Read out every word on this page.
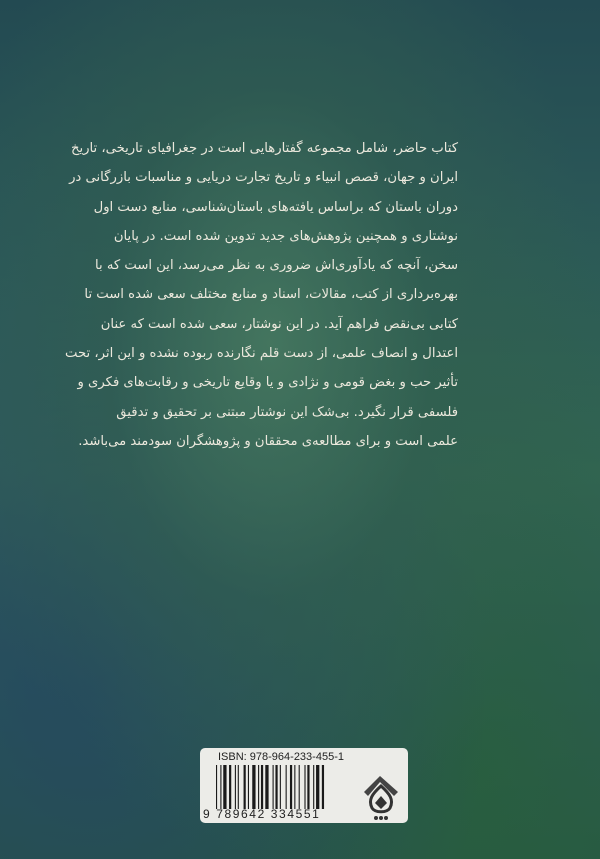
کتاب حاضر، شامل مجموعه گفتارهایی است در جغرافیای تاریخی، تاریخ
ایران و جهان، قصص انبیاء و تاریخ تجارت دریایی و مناسبات بازرگانی در
دوران باستان که براساس یافته‌های باستان‌شناسی، منابع دست اول
نوشتاری و همچنین پژوهش‌های جدید تدوین شده است. در پایان
سخن، آنچه که یادآوری‌اش ضروری به نظر می‌رسد، این است که با
بهره‌برداری از کتب، مقالات، اسناد و منابع مختلف سعی شده است تا
کتابی بی‌نقص فراهم آید. در این نوشتار، سعی شده است که عنان
اعتدال و انصاف علمی، از دست قلم نگارنده ربوده نشده و این اثر، تحت
تأثیر حب و بغض قومی و نژادی و یا وقایع تاریخی و رقابت‌های فکری و
فلسفی قرار نگیرد. بی‌شک این نوشتار مبتنی بر تحقیق و تدقیق
علمی است و برای مطالعه‌ی محققان و پژوهشگران سودمند می‌باشد.
ISBN: 978-964-233-455-1
9 789642 334551
